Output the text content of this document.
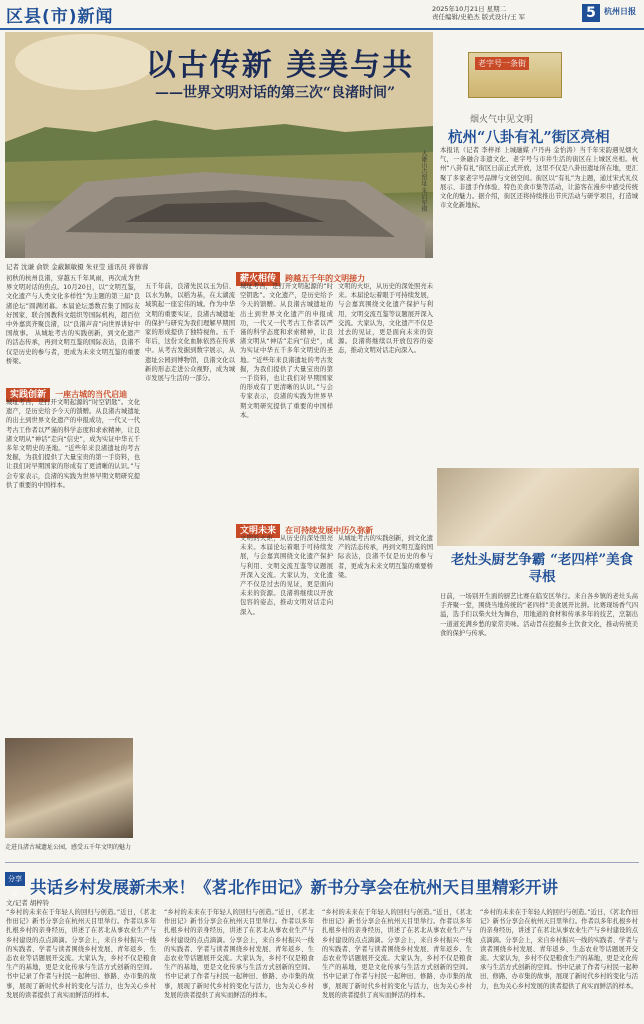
区县(市)新闻	2025年10月21日 星期二
责任编辑/史艳杰 版式设计/王 军	5	杭州日报
以古传新 美美与共
——世界文明对话的第三次“良渚时间”
大雄山古窑址 朱启军摄
记者 沈谦 俞铁 金蔽颖敏摄 朱亚莹 通讯员 蒋蓉蓉
初秋的杭州良渚，穿越五千年风雨，再次成为世界文明对话的焦点。10月20日，以“文明互鉴，文化遗产与人类文化多样性”为主题的第三届“良渚论坛”圆满闭幕。本届论坛悉数召集了国际友好国家、联合国教科文组织等国际机构，超百位中外嘉宾齐聚良渚，以“良渚声音”向世界讲好中国故事。 从城址考古的实践创新，到文化遗产的活态传承，再到文明互鉴的国际表达，良渚不仅是历史的参与者，更成为未来文明互鉴的重要桥梁。
实践创新 一座古城的当代启迪
城址考古，是打开文明起源的“时空钥匙”。文化遗产，是历史给予今天的馈赠。从良渚古城遗址的出土到世界文化遗产的申报成功，一代又一代考古工作者以严谨的科学态度和求索精神，让良渚文明从“神话”走向“信史”，成为实证中华五千多年文明史的圣地。“近些年来良渚遗址的考古发掘，为我们提供了大量宝贵的第一手资料，也让我们对早期国家的形成有了更清晰的认识。”与会专家表示，良渚的实践为世界早期文明研究提供了重要的中国样本。
走进良渚古城遗址公园，感受五千年文明的魅力
薪火相传 跨越五千年的文明接力
五千年前，良渚先民以玉为信、以水为脉，以稻为基，在太湖流域筑起一座宏伟的城。作为中华文明的重要实证，良渚古城遗址的保护与研究为我们理解早期国家的形成提供了独特视角。五千年后，这份文化血脉依然在传承中。从考古发掘到数字展示，从遗址公园到博物馆，良渚文化以新的形态走进公众视野，成为城市发展与生活的一部分。
城址考古，是打开文明起源的“时空钥匙”。文化遗产，是历史给予今天的馈赠。从良渚古城遗址的出土到世界文化遗产的申报成功，一代又一代考古工作者以严谨的科学态度和求索精神，让良渚文明从“神话”走向“信史”，成为实证中华五千多年文明史的圣地。“近些年来良渚遗址的考古发掘，为我们提供了大量宝贵的第一手资料，也让我们对早期国家的形成有了更清晰的认识。”与会专家表示，良渚的实践为世界早期文明研究提供了重要的中国样本。
文明的火炬，从历史的深处照亮未来。本届论坛着眼于可持续发展，与会嘉宾围绕文化遗产保护与利用、文明交流互鉴等议题展开深入交流。大家认为，文化遗产不仅是过去的见证，更是面向未来的资源。良渚将继续以开放包容的姿态，推动文明对话走向深入。
文明未来 在可持续发展中历久弥新
文明的火炬，从历史的深处照亮未来。本届论坛着眼于可持续发展，与会嘉宾围绕文化遗产保护与利用、文明交流互鉴等议题展开深入交流。大家认为，文化遗产不仅是过去的见证，更是面向未来的资源。良渚将继续以开放包容的姿态，推动文明对话走向深入。
从城址考古的实践创新，到文化遗产的活态传承，再到文明互鉴的国际表达，良渚不仅是历史的参与者，更成为未来文明互鉴的重要桥梁。
老字号一条街
烟火气中见文明
杭州“八卦有礼”街区亮相
本报讯（记者 李梓祥 上城融媒 卢丹冉 金怡涛）当千年宋韵遇见烟火气，一条融合非遗文化、老字号与市井生活的街区在上城区亮相。杭州“八卦有礼”街区日前正式开放，这里不仅是八卦田遗址所在地，更汇聚了多家老字号品牌与文创空间。街区以“有礼”为主题，通过宋式礼仪展示、非遗手作体验、特色美食市集等活动，让游客在漫步中感受传统文化的魅力。据介绍，街区还将持续推出节庆活动与研学项目，打造城市文化新地标。
老灶头厨艺争霸 “老四样”美食寻根
日前，一场别开生面的厨艺比赛在临安区举行。来自各乡镇的老灶头高手齐聚一堂，围绕当地传统的“老四样”美食展开比拼。比赛现场香气四溢，选手们以柴火灶为舞台，用地道的食材和传承多年的技艺，烹制出一道道充满乡愁的家常美味。活动旨在挖掘乡土饮食文化，推动传统美食的保护与传承。
分享会 共话乡村发展新未来！《茗北作田记》新书分享会在杭州天目里精彩开讲
文/记者 胡梓铃
“乡村的未来在于年轻人的回归与创造。”近日，《茗北作田记》新书分享会在杭州天目里举行。作者以多年扎根乡村的亲身经历，讲述了在茗北从事农业生产与乡村建设的点点滴滴。分享会上，来自乡村振兴一线的实践者、学者与读者围绕乡村发展、青年返乡、生态农业等话题展开交流。大家认为，乡村不仅是粮食生产的基地，更是文化传承与生活方式创新的空间。书中记录了作者与村民一起种田、修路、办市集的故事，展现了新时代乡村的变化与活力，也为关心乡村发展的读者提供了真实而鲜活的样本。
“乡村的未来在于年轻人的回归与创造。”近日，《茗北作田记》新书分享会在杭州天目里举行。作者以多年扎根乡村的亲身经历，讲述了在茗北从事农业生产与乡村建设的点点滴滴。分享会上，来自乡村振兴一线的实践者、学者与读者围绕乡村发展、青年返乡、生态农业等话题展开交流。大家认为，乡村不仅是粮食生产的基地，更是文化传承与生活方式创新的空间。书中记录了作者与村民一起种田、修路、办市集的故事，展现了新时代乡村的变化与活力，也为关心乡村发展的读者提供了真实而鲜活的样本。
“乡村的未来在于年轻人的回归与创造。”近日，《茗北作田记》新书分享会在杭州天目里举行。作者以多年扎根乡村的亲身经历，讲述了在茗北从事农业生产与乡村建设的点点滴滴。分享会上，来自乡村振兴一线的实践者、学者与读者围绕乡村发展、青年返乡、生态农业等话题展开交流。大家认为，乡村不仅是粮食生产的基地，更是文化传承与生活方式创新的空间。书中记录了作者与村民一起种田、修路、办市集的故事，展现了新时代乡村的变化与活力，也为关心乡村发展的读者提供了真实而鲜活的样本。
“乡村的未来在于年轻人的回归与创造。”近日，《茗北作田记》新书分享会在杭州天目里举行。作者以多年扎根乡村的亲身经历，讲述了在茗北从事农业生产与乡村建设的点点滴滴。分享会上，来自乡村振兴一线的实践者、学者与读者围绕乡村发展、青年返乡、生态农业等话题展开交流。大家认为，乡村不仅是粮食生产的基地，更是文化传承与生活方式创新的空间。书中记录了作者与村民一起种田、修路、办市集的故事，展现了新时代乡村的变化与活力，也为关心乡村发展的读者提供了真实而鲜活的样本。
